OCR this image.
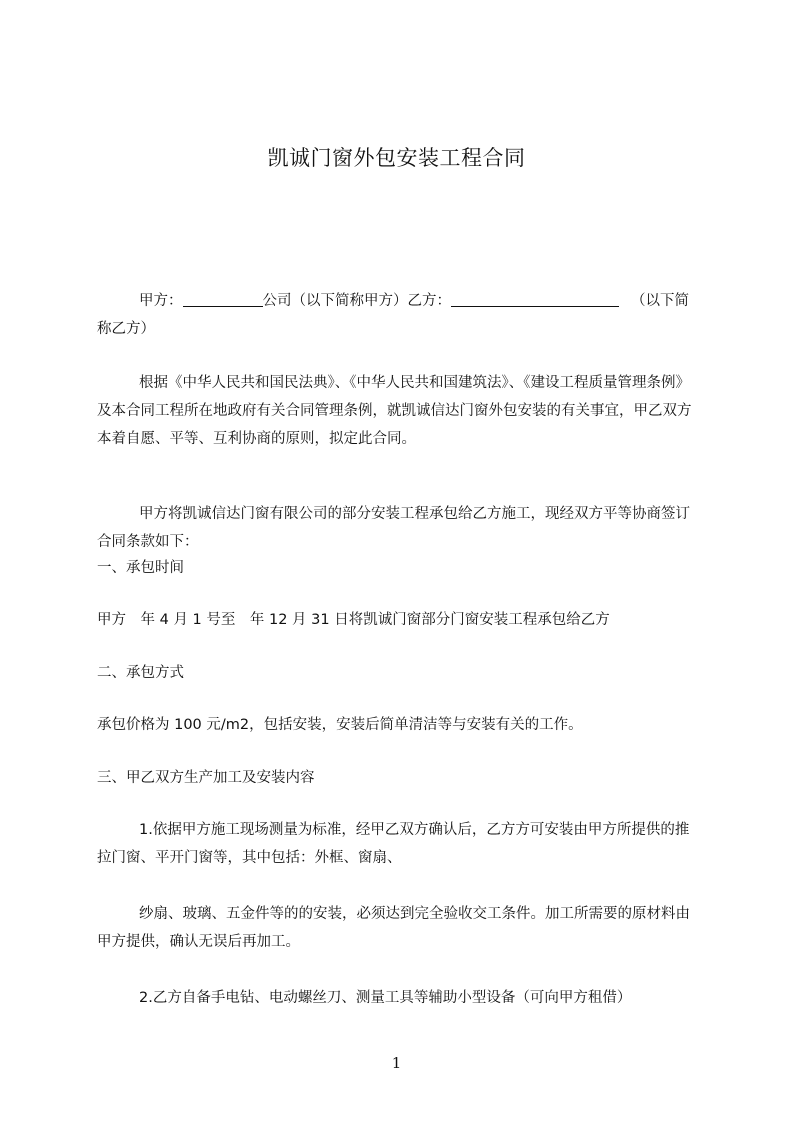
凯诚门窗外包安装工程合同

甲方：	公司（以下简称甲方）乙方：	（以下简称乙方）

根据《中华人民共和国民法典》、《中华人民共和国建筑法》、《建设工程质量管理条例》及本合同工程所在地政府有关合同管理条例，就凯诚信达门窗外包安装的有关事宜，甲乙双方本着自愿、平等、互利协商的原则，拟定此合同。

甲方将凯诚信达门窗有限公司的部分安装工程承包给乙方施工，现经双方平等协商签订合同条款如下：

一、承包时间

甲方　年 4 月 1 号至　年 12 月 31 日将凯诚门窗部分门窗安装工程承包给乙方

二、承包方式

承包价格为 100 元/m2，包括安装，安装后简单清洁等与安装有关的工作。

三、甲乙双方生产加工及安装内容

1.依据甲方施工现场测量为标准，经甲乙双方确认后，乙方方可安装由甲方所提供的推拉门窗、平开门窗等，其中包括：外框、窗扇、

纱扇、玻璃、五金件等的的安装，必须达到完全验收交工条件。加工所需要的原材料由甲方提供，确认无误后再加工。

2.乙方自备手电钻、电动螺丝刀、测量工具等辅助小型设备（可向甲方租借）

1
